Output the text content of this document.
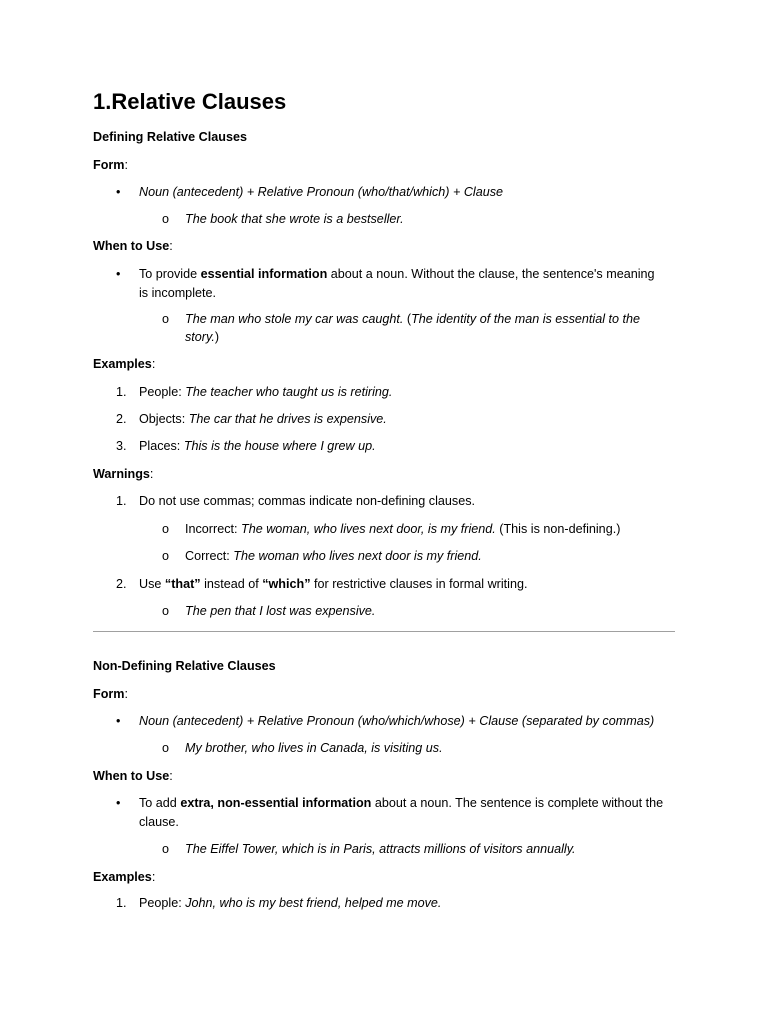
1.Relative Clauses
Defining Relative Clauses
Form:
• Noun (antecedent) + Relative Pronoun (who/that/which) + Clause
o The book that she wrote is a bestseller.
When to Use:
• To provide essential information about a noun. Without the clause, the sentence's meaning
is incomplete.
o The man who stole my car was caught. (The identity of the man is essential to the
story.)
Examples:
1. People: The teacher who taught us is retiring.
2. Objects: The car that he drives is expensive.
3. Places: This is the house where I grew up.
Warnings:
1. Do not use commas; commas indicate non-defining clauses.
o Incorrect: The woman, who lives next door, is my friend. (This is non-defining.)
o Correct: The woman who lives next door is my friend.
2. Use “that” instead of “which” for restrictive clauses in formal writing.
o The pen that I lost was expensive.
Non-Defining Relative Clauses
Form:
• Noun (antecedent) + Relative Pronoun (who/which/whose) + Clause (separated by commas)
o My brother, who lives in Canada, is visiting us.
When to Use:
• To add extra, non-essential information about a noun. The sentence is complete without the
clause.
o The Eiffel Tower, which is in Paris, attracts millions of visitors annually.
Examples:
1. People: John, who is my best friend, helped me move.
